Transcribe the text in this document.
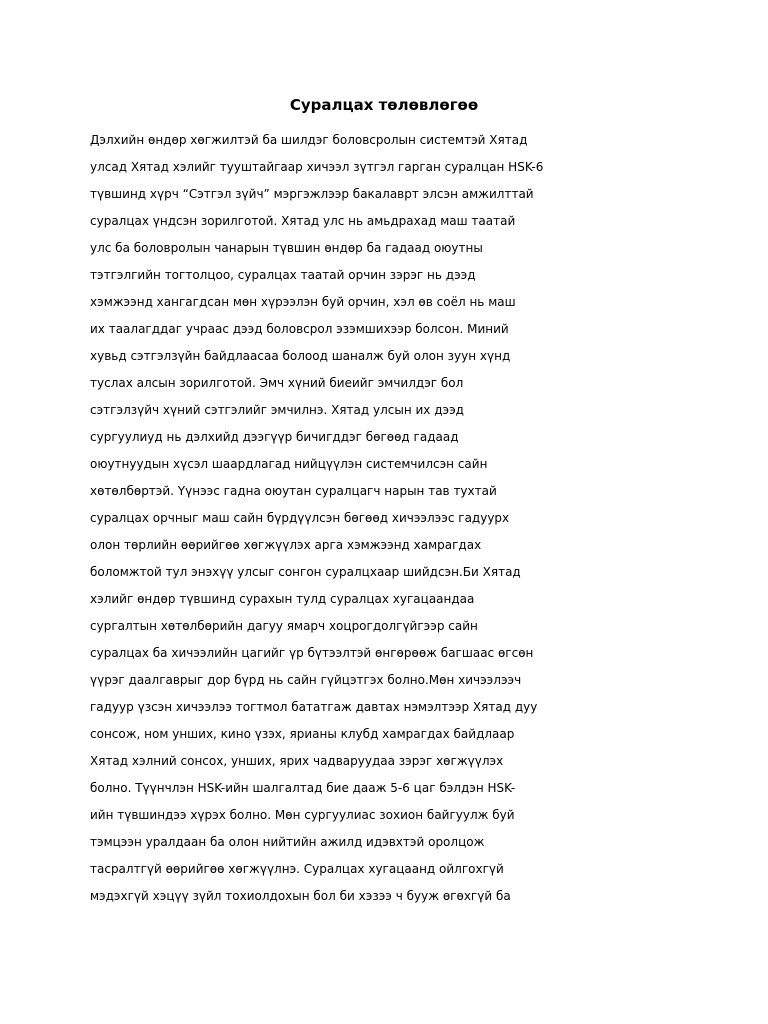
Суралцах төлөвлөгөө
Дэлхийн өндөр хөгжилтэй ба шилдэг боловсролын системтэй Хятад
улсад Хятад хэлийг тууштайгаар хичээл зүтгэл гарган суралцан HSK-6
түвшинд хүрч “Сэтгэл зүйч” мэргэжлээр бакалаврт элсэн амжилттай
суралцах үндсэн зорилготой. Хятад улс нь амьдрахад маш таатай
улс ба боловролын чанарын түвшин өндөр ба гадаад оюутны
тэтгэлгийн тогтолцоо, суралцах таатай орчин зэрэг нь дээд
хэмжээнд хангагдсан мөн хүрээлэн буй орчин, хэл өв соёл нь маш
их таалагддаг учраас дээд боловсрол эзэмшихээр болсон. Миний
хувьд сэтгэлзүйн байдлаасаа болоод шаналж буй олон зуун хүнд
туслах алсын зорилготой. Эмч хүний биеийг эмчилдэг бол
сэтгэлзүйч хүний сэтгэлийг эмчилнэ. Хятад улсын их дээд
сургуулиуд нь дэлхийд дээгүүр бичигддэг бөгөөд гадаад
оюутнуудын хүсэл шаардлагад нийцүүлэн системчилсэн сайн
хөтөлбөртэй. Үүнээс гадна оюутан суралцагч нарын тав тухтай
суралцах орчныг маш сайн бүрдүүлсэн бөгөөд хичээлээс гадуурх
олон төрлийн өөрийгөө хөгжүүлэх арга хэмжээнд хамрагдах
боломжтой тул энэхүү улсыг сонгон суралцхаар шийдсэн.Би Хятад
хэлийг өндөр түвшинд сурахын тулд суралцах хугацаандаа
сургалтын хөтөлбөрийн дагуу ямарч хоцрогдолгүйгээр сайн
суралцах ба хичээлийн цагийг үр бүтээлтэй өнгөрөөж багшаас өгсөн
үүрэг даалгаврыг дор бүрд нь сайн гүйцэтгэх болно.Мөн хичээлээч
гадуур үзсэн хичээлээ тогтмол бататгаж давтах нэмэлтээр Хятад дуу
сонсож, ном унших, кино үзэх, ярианы клубд хамрагдах байдлаар
Хятад хэлний сонсох, унших, ярих чадваруудаа зэрэг хөгжүүлэх
болно. Түүнчлэн HSK-ийн шалгалтад бие дааж 5-6 цаг бэлдэн HSK-
ийн түвшиндээ хүрэх болно. Мөн сургуулиас зохион байгуулж буй
тэмцээн уралдаан ба олон нийтийн ажилд идэвхтэй оролцож
тасралтгүй өөрийгөө хөгжүүлнэ. Суралцах хугацаанд ойлгохгүй
мэдэхгүй хэцүү зүйл тохиолдохын бол би хэзээ ч бууж өгөхгүй ба
